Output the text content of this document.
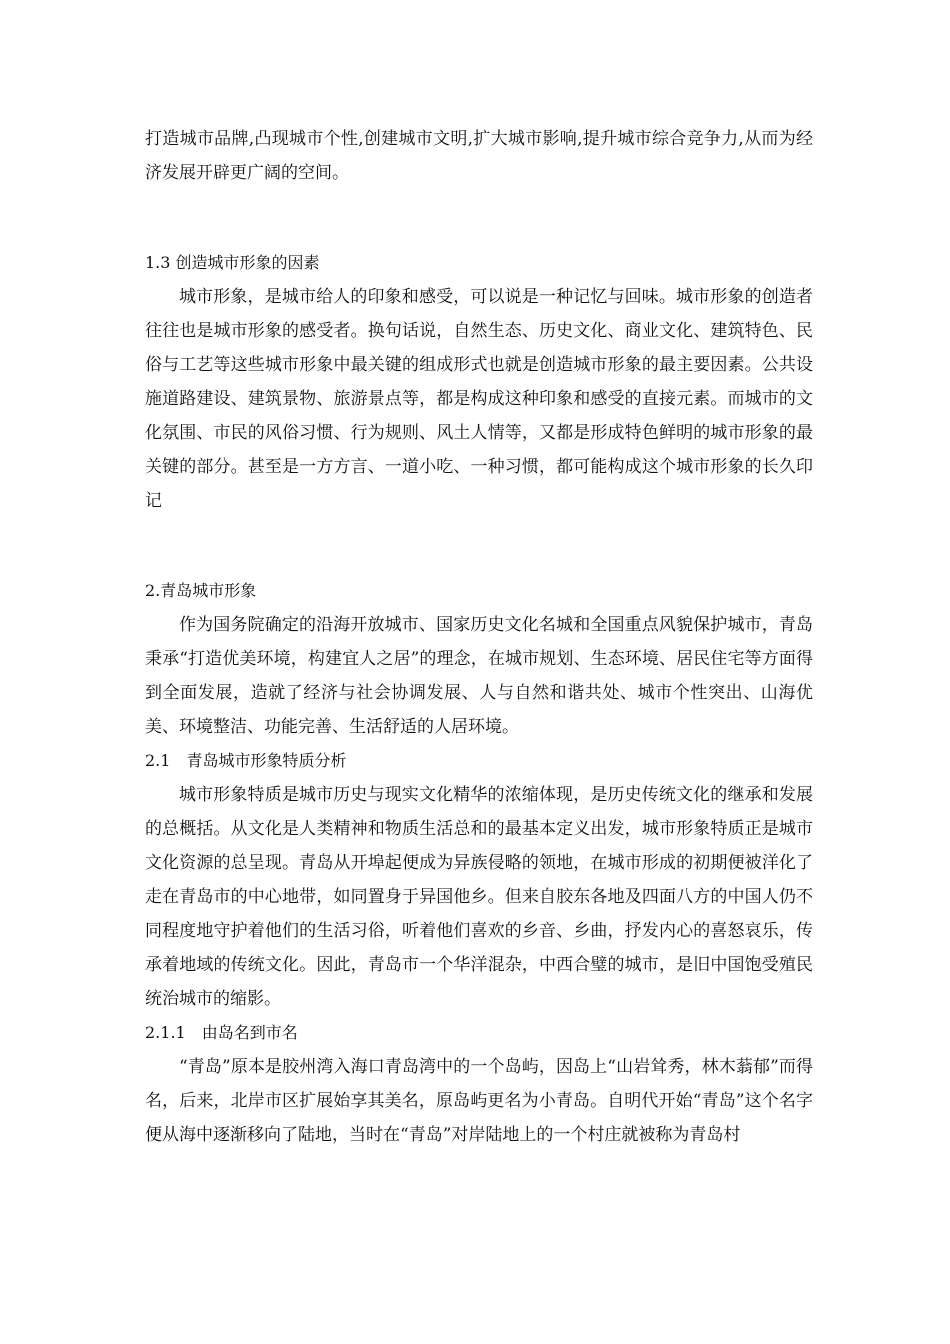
打造城市品牌,凸现城市个性,创建城市文明,扩大城市影响,提升城市综合竞争力,从而为经济发展开辟更广阔的空间。

1.3 创造城市形象的因素

城市形象，是城市给人的印象和感受，可以说是一种记忆与回味。城市形象的创造者往往也是城市形象的感受者。换句话说，自然生态、历史文化、商业文化、建筑特色、民俗与工艺等这些城市形象中最关键的组成形式也就是创造城市形象的最主要因素。公共设施道路建设、建筑景物、旅游景点等，都是构成这种印象和感受的直接元素。而城市的文化氛围、市民的风俗习惯、行为规则、风土人情等，又都是形成特色鲜明的城市形象的最关键的部分。甚至是一方方言、一道小吃、一种习惯，都可能构成这个城市形象的长久印记

2.青岛城市形象

作为国务院确定的沿海开放城市、国家历史文化名城和全国重点风貌保护城市，青岛秉承“打造优美环境，构建宜人之居”的理念，在城市规划、生态环境、居民住宅等方面得到全面发展，造就了经济与社会协调发展、人与自然和谐共处、城市个性突出、山海优美、环境整洁、功能完善、生活舒适的人居环境。

2.1　青岛城市形象特质分析

城市形象特质是城市历史与现实文化精华的浓缩体现，是历史传统文化的继承和发展的总概括。从文化是人类精神和物质生活总和的最基本定义出发，城市形象特质正是城市文化资源的总呈现。青岛从开埠起便成为异族侵略的领地，在城市形成的初期便被洋化了走在青岛市的中心地带，如同置身于异国他乡。但来自胶东各地及四面八方的中国人仍不同程度地守护着他们的生活习俗，听着他们喜欢的乡音、乡曲，抒发内心的喜怒哀乐，传承着地域的传统文化。因此，青岛市一个华洋混杂，中西合璧的城市，是旧中国饱受殖民统治城市的缩影。

2.1.1　由岛名到市名

“青岛”原本是胶州湾入海口青岛湾中的一个岛屿，因岛上“山岩耸秀，林木蓊郁”而得名，后来，北岸市区扩展始享其美名，原岛屿更名为小青岛。自明代开始“青岛”这个名字便从海中逐渐移向了陆地，当时在“青岛”对岸陆地上的一个村庄就被称为青岛村
